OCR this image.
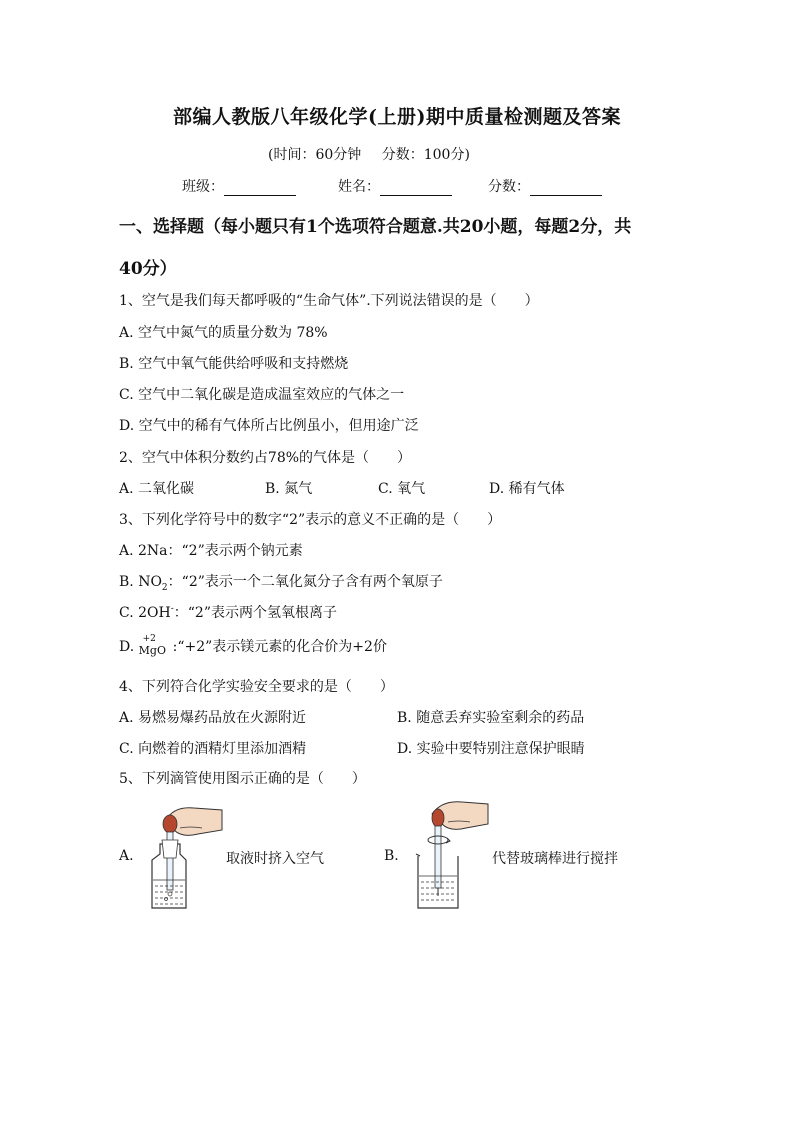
部编人教版八年级化学(上册)期中质量检测题及答案
(时间：60分钟 分数：100分)
班级：	姓名：	分数：
一、选择题（每小题只有1个选项符合题意.共20小题，每题2分，共
40分）
1、空气是我们每天都呼吸的“生命气体”.下列说法错误的是（　　）
A. 空气中氮气的质量分数为 78%
B. 空气中氧气能供给呼吸和支持燃烧
C. 空气中二氧化碳是造成温室效应的气体之一
D. 空气中的稀有气体所占比例虽小，但用途广泛
2、空气中体积分数约占78%的气体是（　　）
A. 二氧化碳	B. 氮气	C. 氧气	D. 稀有气体
3、下列化学符号中的数字“2”表示的意义不正确的是（　　）
A. 2Na：“2”表示两个钠元素
B. $NO_2$：“2”表示一个二氧化氮分子含有两个氧原子
C. 2OH-：“2”表示两个氢氧根离子
D. +2
MgO :“+2”表示镁元素的化合价为+2价
4、下列符合化学实验安全要求的是（　　）
A. 易燃易爆药品放在火源附近	B. 随意丢弃实验室剩余的药品
C. 向燃着的酒精灯里添加酒精	D. 实验中要特别注意保护眼睛
5、下列滴管使用图示正确的是（　　）
A.	取液时挤入空气	B.	代替玻璃棒进行搅拌
